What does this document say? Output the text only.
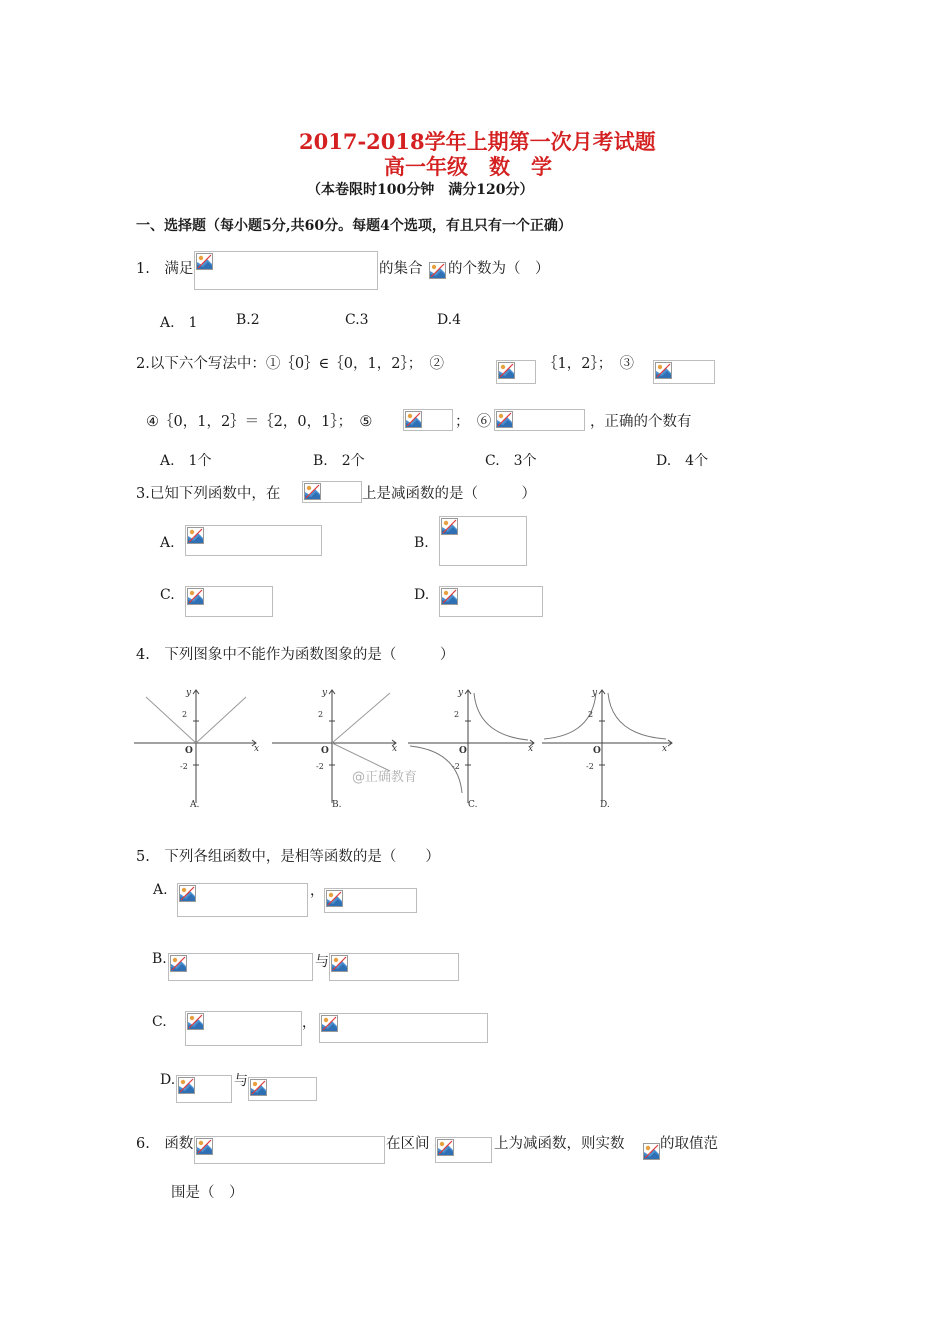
2017-2018学年上期第一次月考试题
高一年级　数　学
（本卷限时100分钟　满分120分）
一、选择题（每小题5分,共60分。每题4个选项，有且只有一个正确）
1.　满足	的集合 的个数为（　）
A.　1	B.2	C.3	D.4
2.以下六个写法中：①｛0｝∈｛0，1，2｝；　②	｛1，2｝；　③
④｛0，1，2｝＝｛2，0，1｝；　⑤	；　⑥	，正确的个数有
A.　1个	B.　2个	C.　3个	D.　4个
3.已知下列函数中，在	上是减函数的是（　　　）
A.	B.
C.	D.
4.　下列图象中不能作为函数图象的是（　　　）
2
-2
O	x
y
A.
2
-2
O	x
y
B.
@正确教育
2
-2
O	x
y
C.
2
-2
O	x
y
D.
5.　下列各组函数中，是相等函数的是（　　）
A.	，
B.	与
C.	，
D.	与
6.　函数	在区间	上为减函数，则实数 的取值范
围是（　）
